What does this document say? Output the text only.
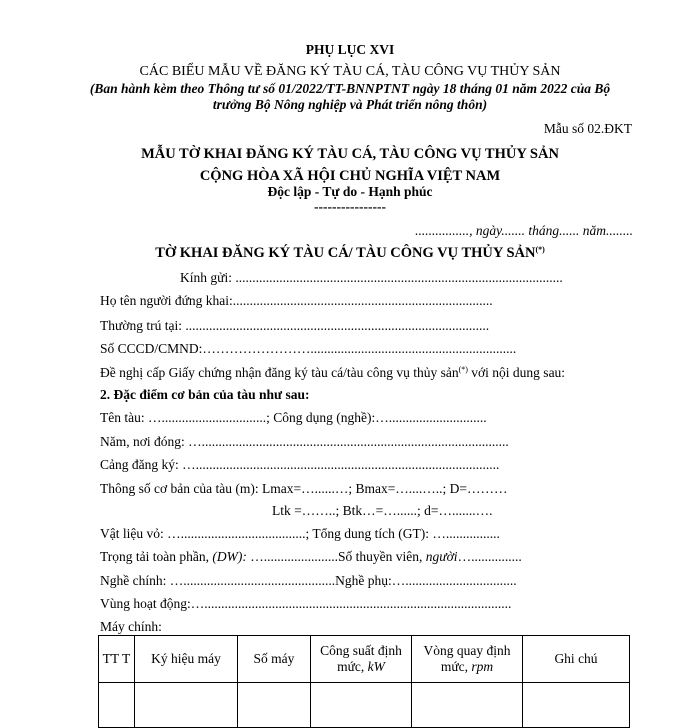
PHỤ LỤC XVI
CÁC BIỂU MẪU VỀ ĐĂNG KÝ TÀU CÁ, TÀU CÔNG VỤ THỦY SẢN
(Ban hành kèm theo Thông tư số 01/2022/TT-BNNPTNT ngày 18 tháng 01 năm 2022 của Bộ
trưởng Bộ Nông nghiệp và Phát triển nông thôn)
Mẫu số 02.ĐKT
MẪU TỜ KHAI ĐĂNG KÝ TÀU CÁ, TÀU CÔNG VỤ THỦY SẢN
CỘNG HÒA XÃ HỘI CHỦ NGHĨA VIỆT NAM
Độc lập - Tự do - Hạnh phúc
----------------
................, ngày....... tháng...... năm........
TỜ KHAI ĐĂNG KÝ TÀU CÁ/ TÀU CÔNG VỤ THỦY SẢN(*)
Kính gửi: .................................................................................................
Họ tên người đứng khai:.............................................................................
Thường trú tại: ..........................................................................................
Số CCCD/CMND:…………………….............................................................
Đề nghị cấp Giấy chứng nhận đăng ký tàu cá/tàu công vụ thủy sản(*) với nội dung sau:
2. Đặc điểm cơ bản của tàu như sau:
Tên tàu: …...............................; Công dụng (nghề):….............................
Năm, nơi đóng: …...........................................................................................
Cảng đăng ký: …..........................................................................................
Thông số cơ bản của tàu (m): Lmax=…......…; Bmax=…....…..; D=………
Ltk =……..; Btk…=…......; d=….......….
Vật liệu vỏ: ….....................................; Tổng dung tích (GT): …................
Trọng tải toàn phần, (DW): …......................Số thuyền viên, người…...............
Nghề chính: ….............................................Nghề phụ:….................................
Vùng hoạt động:…...........................................................................................
Máy chính:
TT T	Ký hiệu máy	Số máy	Công suất định mức, kW	Vòng quay định mức, rpm	Ghi chú
